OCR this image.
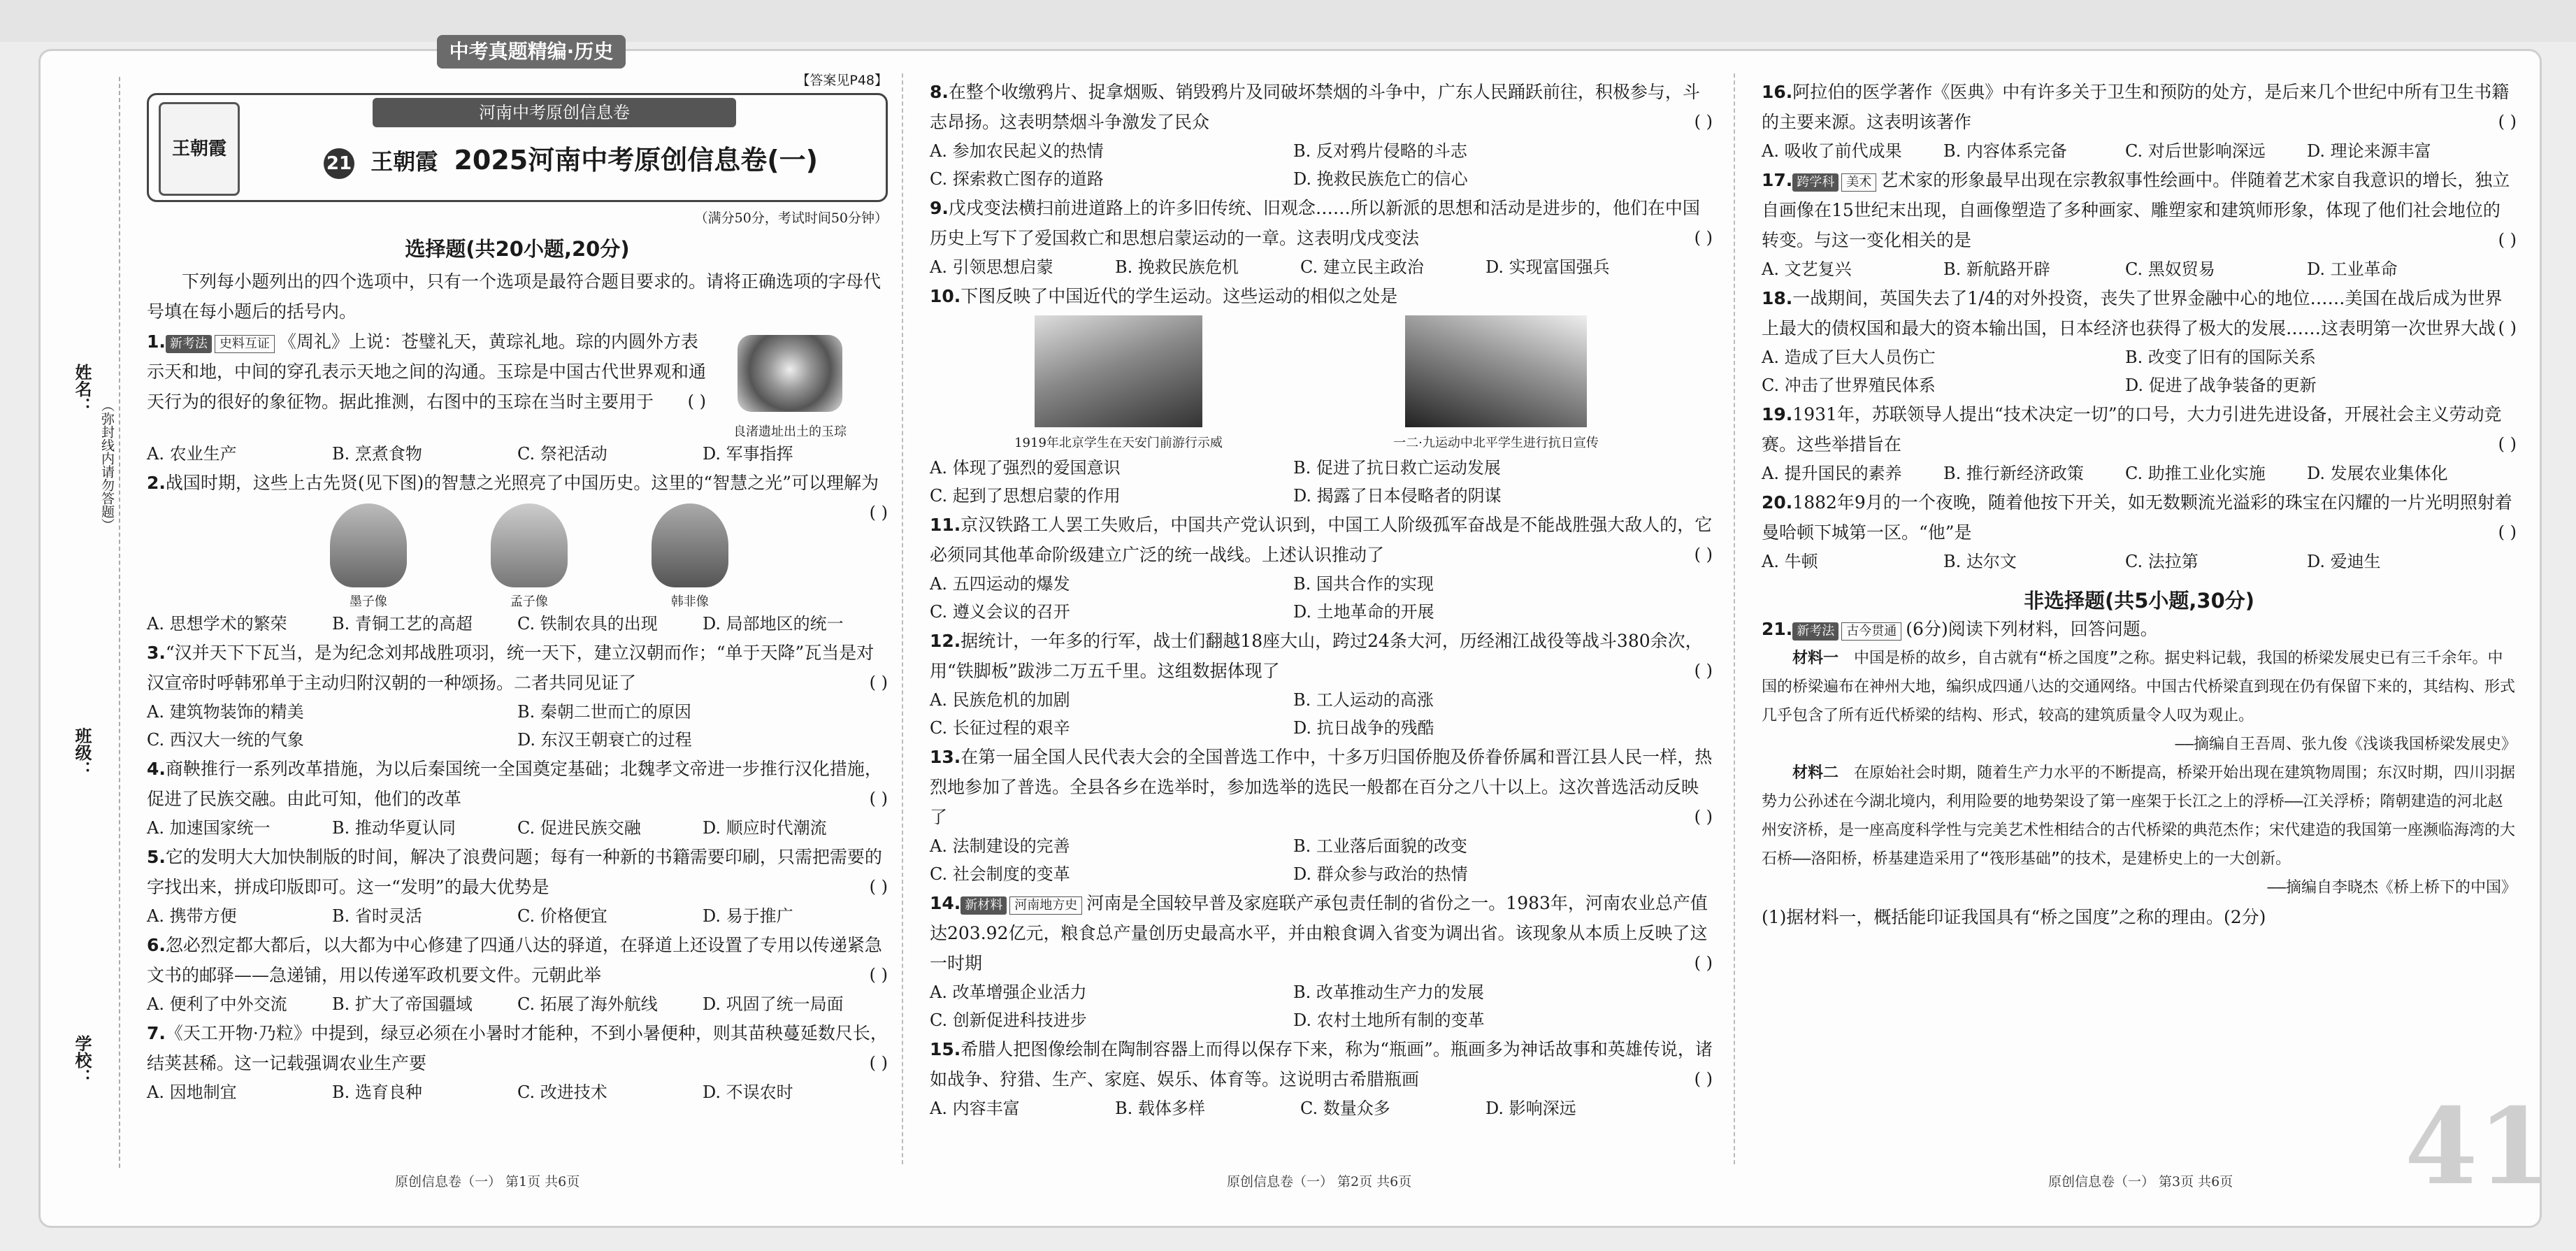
中考真题精编·历史
姓名：
班级：
学校：
（弥封线内请勿答题）
【答案见P48】
王朝霞
河南中考原创信息卷
21 王朝霞 2025河南中考原创信息卷(一)
（满分50分，考试时间50分钟）
选择题(共20小题,20分)

下列每小题列出的四个选项中，只有一个选项是最符合题目要求的。请将正确选项的字母代号填在每小题后的括号内。

1. 新考法 史料互证 《周礼》上说：苍璧礼天，黄琮礼地。琮的内圆外方表示天和地，中间的穿孔表示天地之间的沟通。玉琮是中国古代世界观和通天行为的很好的象征物。据此推测，右图中的玉琮在当时主要用于 ( )

良渚遗址出土的玉琮
A. 农业生产	B. 烹煮食物	C. 祭祀活动	D. 军事指挥

2.战国时期，这些上古先贤(见下图)的智慧之光照亮了中国历史。这里的“智慧之光”可以理解为
( )

墨子像	孟子像	韩非像
A. 思想学术的繁荣	B. 青铜工艺的高超	C. 铁制农具的出现	D. 局部地区的统一

3.“汉并天下下瓦当，是为纪念刘邦战胜项羽，统一天下，建立汉朝而作；“单于天降”瓦当是对汉宣帝时呼韩邪单于主动归附汉朝的一种颂扬。二者共同见证了	( )

A. 建筑物装饰的精美	B. 秦朝二世而亡的原因
C. 西汉大一统的气象	D. 东汉王朝衰亡的过程

4.商鞅推行一系列改革措施，为以后秦国统一全国奠定基础；北魏孝文帝进一步推行汉化措施，促进了民族交融。由此可知，他们的改革	( )

A. 加速国家统一	B. 推动华夏认同	C. 促进民族交融	D. 顺应时代潮流

5.它的发明大大加快制版的时间，解决了浪费问题；每有一种新的书籍需要印刷，只需把需要的字找出来，拼成印版即可。这一“发明”的最大优势是	( )

A. 携带方便	B. 省时灵活	C. 价格便宜	D. 易于推广

6.忽必烈定都大都后，以大都为中心修建了四通八达的驿道，在驿道上还设置了专用以传递紧急文书的邮驿——急递铺，用以传递军政机要文件。元朝此举	( )

A. 便利了中外交流	B. 扩大了帝国疆域	C. 拓展了海外航线	D. 巩固了统一局面

7.《天工开物·乃粒》中提到，绿豆必须在小暑时才能种，不到小暑便种，则其苗秧蔓延数尺长，结荚甚稀。这一记载强调农业生产要	( )

A. 因地制宜	B. 选育良种	C. 改进技术	D. 不误农时

8.在整个收缴鸦片、捉拿烟贩、销毁鸦片及同破坏禁烟的斗争中，广东人民踊跃前往，积极参与，斗志昂扬。这表明禁烟斗争激发了民众	( )

A. 参加农民起义的热情	B. 反对鸦片侵略的斗志
C. 探索救亡图存的道路	D. 挽救民族危亡的信心

9.戊戌变法横扫前进道路上的许多旧传统、旧观念……所以新派的思想和活动是进步的，他们在中国历史上写下了爱国救亡和思想启蒙运动的一章。这表明戊戌变法	( )

A. 引领思想启蒙	B. 挽救民族危机	C. 建立民主政治	D. 实现富国强兵

10.下图反映了中国近代的学生运动。这些运动的相似之处是

1919年北京学生在天安门前游行示威	一二·九运动中北平学生进行抗日宣传
A. 体现了强烈的爱国意识	B. 促进了抗日救亡运动发展
C. 起到了思想启蒙的作用	D. 揭露了日本侵略者的阴谋

11.京汉铁路工人罢工失败后，中国共产党认识到，中国工人阶级孤军奋战是不能战胜强大敌人的，它必须同其他革命阶级建立广泛的统一战线。上述认识推动了	( )

A. 五四运动的爆发	B. 国共合作的实现
C. 遵义会议的召开	D. 土地革命的开展

12.据统计，一年多的行军，战士们翻越18座大山，跨过24条大河，历经湘江战役等战斗380余次，用“铁脚板”跋涉二万五千里。这组数据体现了	( )

A. 民族危机的加剧	B. 工人运动的高涨
C. 长征过程的艰辛	D. 抗日战争的残酷

13.在第一届全国人民代表大会的全国普选工作中，十多万归国侨胞及侨眷侨属和晋江县人民一样，热烈地参加了普选。全县各乡在选举时，参加选举的选民一般都在百分之八十以上。这次普选活动反映了	( )

A. 法制建设的完善	B. 工业落后面貌的改变
C. 社会制度的变革	D. 群众参与政治的热情

14. 新材料 河南地方史 河南是全国较早普及家庭联产承包责任制的省份之一。1983年，河南农业总产值达203.92亿元，粮食总产量创历史最高水平，并由粮食调入省变为调出省。该现象从本质上反映了这一时期	( )

A. 改革增强企业活力	B. 改革推动生产力的发展
C. 创新促进科技进步	D. 农村土地所有制的变革

15.希腊人把图像绘制在陶制容器上而得以保存下来，称为“瓶画”。瓶画多为神话故事和英雄传说，诸如战争、狩猎、生产、家庭、娱乐、体育等。这说明古希腊瓶画	( )

A. 内容丰富	B. 载体多样	C. 数量众多	D. 影响深远

16.阿拉伯的医学著作《医典》中有许多关于卫生和预防的处方，是后来几个世纪中所有卫生书籍的主要来源。这表明该著作	( )

A. 吸收了前代成果	B. 内容体系完备	C. 对后世影响深远	D. 理论来源丰富

17. 跨学科 美术 艺术家的形象最早出现在宗教叙事性绘画中。伴随着艺术家自我意识的增长，独立自画像在15世纪末出现，自画像塑造了多种画家、雕塑家和建筑师形象，体现了他们社会地位的转变。与这一变化相关的是	( )

A. 文艺复兴	B. 新航路开辟	C. 黑奴贸易	D. 工业革命

18.一战期间，英国失去了1/4的对外投资，丧失了世界金融中心的地位……美国在战后成为世界上最大的债权国和最大的资本输出国，日本经济也获得了极大的发展……这表明第一次世界大战 ( )

A. 造成了巨大人员伤亡	B. 改变了旧有的国际关系
C. 冲击了世界殖民体系	D. 促进了战争装备的更新

19.1931年，苏联领导人提出“技术决定一切”的口号，大力引进先进设备，开展社会主义劳动竞赛。这些举措旨在	( )

A. 提升国民的素养	B. 推行新经济政策	C. 助推工业化实施	D. 发展农业集体化

20.1882年9月的一个夜晚，随着他按下开关，如无数颗流光溢彩的珠宝在闪耀的一片光明照射着曼哈顿下城第一区。“他”是	( )

A. 牛顿	B. 达尔文	C. 法拉第	D. 爱迪生
非选择题(共5小题,30分)

21. 新考法 古今贯通 (6分)阅读下列材料，回答问题。

材料一　 中国是桥的故乡，自古就有“桥之国度”之称。据史料记载，我国的桥梁发展史已有三千余年。中国的桥梁遍布在神州大地，编织成四通八达的交通网络。中国古代桥梁直到现在仍有保留下来的，其结构、形式几乎包含了所有近代桥梁的结构、形式，较高的建筑质量令人叹为观止。
——摘编自王吾周、张九俊《浅谈我国桥梁发展史》
材料二　 在原始社会时期，随着生产力水平的不断提高，桥梁开始出现在建筑物周围；东汉时期，四川羽据势力公孙述在今湖北境内，利用险要的地势架设了第一座架于长江之上的浮桥——江关浮桥；隋朝建造的河北赵州安济桥，是一座高度科学性与完美艺术性相结合的古代桥梁的典范杰作；宋代建造的我国第一座濒临海湾的大石桥——洛阳桥，桥基建造采用了“筏形基础”的技术，是建桥史上的一大创新。
——摘编自李晓杰《桥上桥下的中国》

(1)据材料一，概括能印证我国具有“桥之国度”之称的理由。(2分)

41
原创信息卷（一） 第1页 共6页	原创信息卷（一） 第2页 共6页	原创信息卷（一） 第3页 共6页
